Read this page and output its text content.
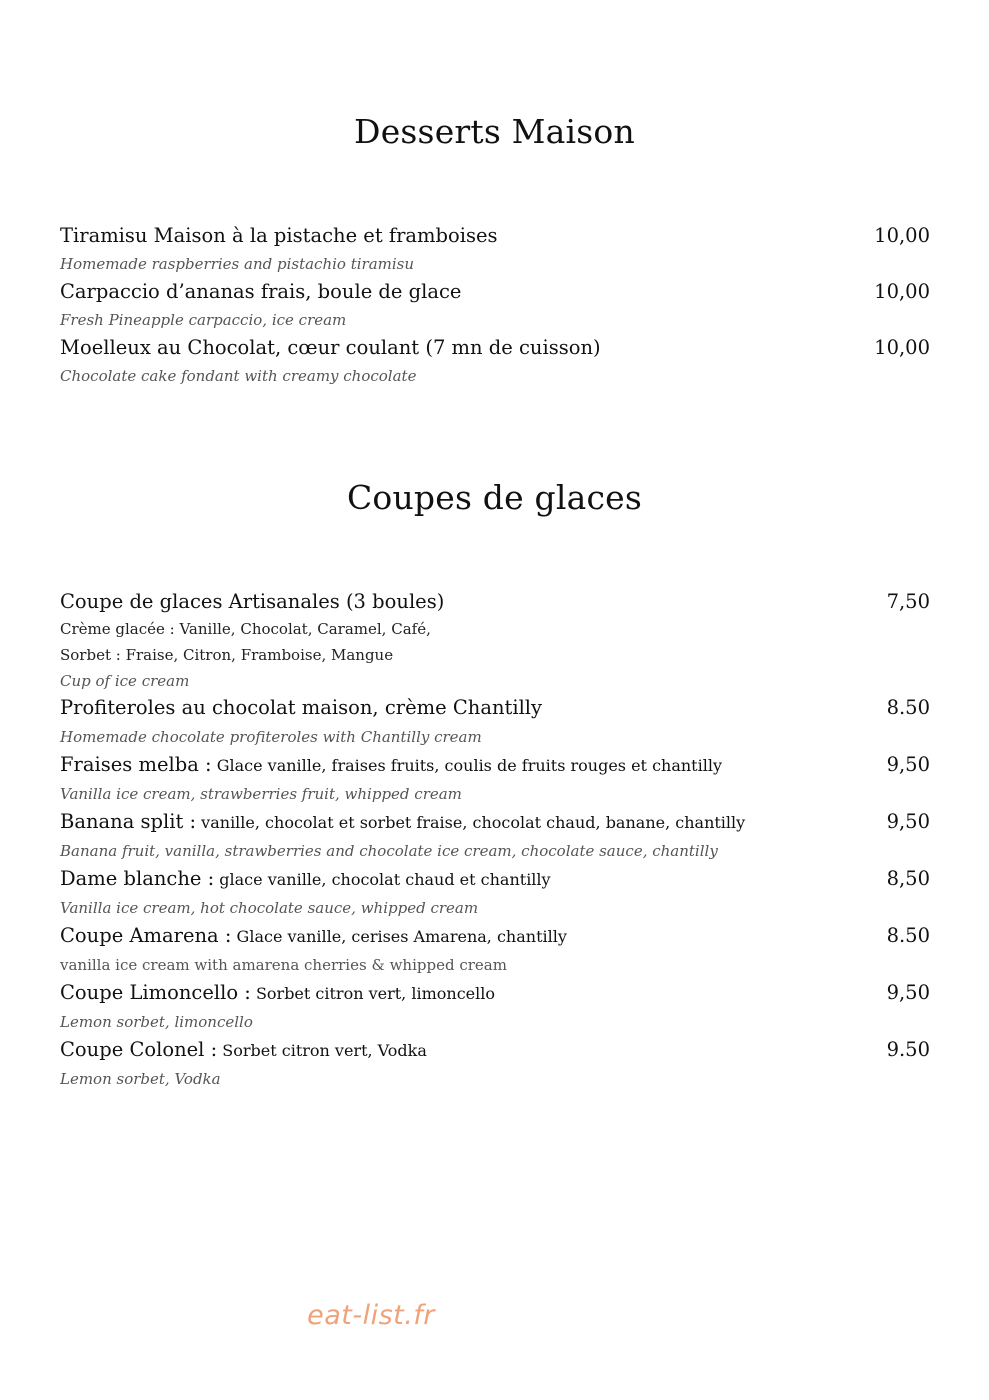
Desserts Maison
Tiramisu Maison à la pistache et framboises	10,00
Homemade raspberries and pistachio tiramisu
Carpaccio d’ananas frais, boule de glace	10,00
Fresh Pineapple carpaccio, ice cream
Moelleux au Chocolat, cœur coulant (7 mn de cuisson)	10,00
Chocolate cake fondant with creamy chocolate
Coupes de glaces
Coupe de glaces Artisanales (3 boules)	7,50
Crème glacée : Vanille, Chocolat, Caramel, Café,
Sorbet : Fraise, Citron, Framboise, Mangue
Cup of ice cream
Profiteroles au chocolat maison, crème Chantilly	8.50
Homemade chocolate profiteroles with Chantilly cream
Fraises melba : Glace vanille, fraises fruits, coulis de fruits rouges et chantilly	9,50
Vanilla ice cream, strawberries fruit, whipped cream
Banana split : vanille, chocolat et sorbet fraise, chocolat chaud, banane, chantilly	9,50
Banana fruit, vanilla, strawberries and chocolate ice cream, chocolate sauce, chantilly
Dame blanche : glace vanille, chocolat chaud et chantilly	8,50
Vanilla ice cream, hot chocolate sauce, whipped cream
Coupe Amarena : Glace vanille, cerises Amarena, chantilly	8.50
vanilla ice cream with amarena cherries & whipped cream
Coupe Limoncello : Sorbet citron vert, limoncello	9,50
Lemon sorbet, limoncello
Coupe Colonel : Sorbet citron vert, Vodka	9.50
Lemon sorbet, Vodka
eat-list.fr
